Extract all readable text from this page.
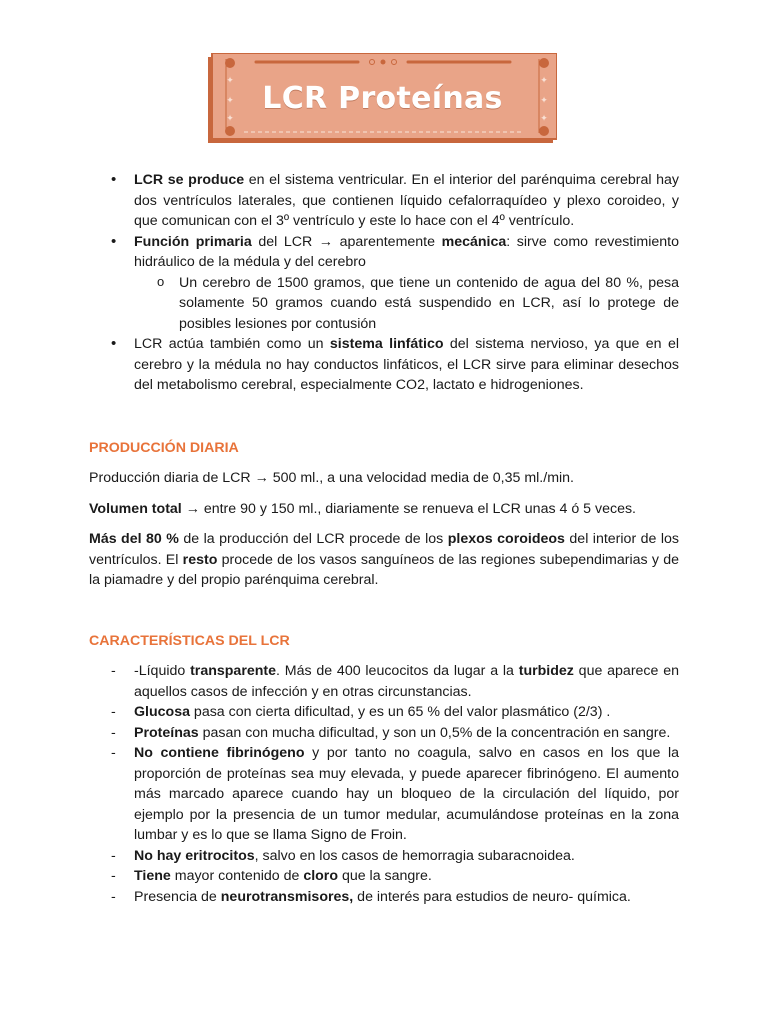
✦
✦
✦
✦
✦
✦
LCR Proteínas
• LCR se produce en el sistema ventricular. En el interior del parénquima cerebral hay dos ventrículos laterales, que contienen líquido cefalorraquídeo y plexo coroideo, y que comunican con el 3º ventrículo y este lo hace con el 4º ventrículo.
• Función primaria del LCR → aparentemente mecánica: sirve como revestimiento hidráulico de la médula y del cerebro
o Un cerebro de 1500 gramos, que tiene un contenido de agua del 80 %, pesa solamente 50 gramos cuando está suspendido en LCR, así lo protege de posibles lesiones por contusión
• LCR actúa también como un sistema linfático del sistema nervioso, ya que en el cerebro y la médula no hay conductos linfáticos, el LCR sirve para eliminar desechos del metabolismo cerebral, especialmente CO2, lactato e hidrogeniones.
PRODUCCIÓN DIARIA

Producción diaria de LCR → 500 ml., a una velocidad media de 0,35 ml./min.

Volumen total → entre 90 y 150 ml., diariamente se renueva el LCR unas 4 ó 5 veces.

Más del 80 % de la producción del LCR procede de los plexos coroideos del interior de los ventrículos. El resto procede de los vasos sanguíneos de las regiones subependimarias y de la piamadre y del propio parénquima cerebral.

CARACTERÍSTICAS DEL LCR
- -Líquido transparente. Más de 400 leucocitos da lugar a la turbidez que aparece en aquellos casos de infección y en otras circunstancias.
- Glucosa pasa con cierta dificultad, y es un 65 % del valor plasmático (2/3) .
- Proteínas pasan con mucha dificultad, y son un 0,5% de la concentración en sangre.
- No contiene fibrinógeno y por tanto no coagula, salvo en casos en los que la proporción de proteínas sea muy elevada, y puede aparecer fibrinógeno. El aumento más marcado aparece cuando hay un bloqueo de la circulación del líquido, por ejemplo por la presencia de un tumor medular, acumulándose proteínas en la zona lumbar y es lo que se llama Signo de Froin.
- No hay eritrocitos, salvo en los casos de hemorragia subaracnoidea.
- Tiene mayor contenido de cloro que la sangre.
- Presencia de neurotransmisores, de interés para estudios de neuro- química.
